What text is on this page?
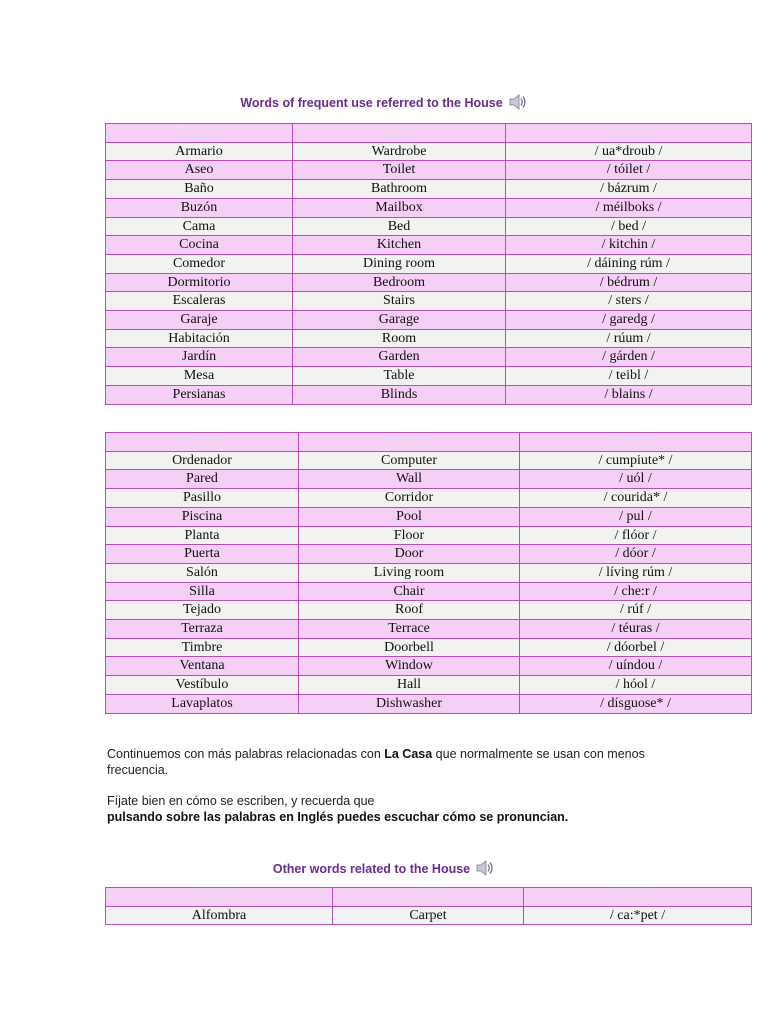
Words of frequent use referred to the House
Español	Inglés	Se lee
Armario	Wardrobe	/ ua*droub /
Aseo	Toilet	/ tóilet /
Baño	Bathroom	/ bázrum /
Buzón	Mailbox	/ méilboks /
Cama	Bed	/ bed /
Cocina	Kitchen	/ kitchin /
Comedor	Dining room	/ dáining rúm /
Dormitorio	Bedroom	/ bédrum /
Escaleras	Stairs	/ sters /
Garaje	Garage	/ garedg /
Habitación	Room	/ rúum /
Jardín	Garden	/ gárden /
Mesa	Table	/ teibl /
Persianas	Blinds	/ blains /
Español	Inglés	Se lee
Ordenador	Computer	/ cumpiute* /
Pared	Wall	/ uól /
Pasillo	Corridor	/ courida* /
Piscina	Pool	/ pul /
Planta	Floor	/ flóor /
Puerta	Door	/ dóor /
Salón	Living room	/ líving rúm /
Silla	Chair	/ che:r /
Tejado	Roof	/ rúf /
Terraza	Terrace	/ téuras /
Timbre	Doorbell	/ dóorbel /
Ventana	Window	/ uíndou /
Vestíbulo	Hall	/ hóol /
Lavaplatos	Dishwasher	/ dísguose* /
Continuemos con más palabras relacionadas con La Casa que normalmente se usan con menos frecuencia.
Fíjate bien en cómo se escriben, y recuerda que
pulsando sobre las palabras en Inglés puedes escuchar cómo se pronuncian.
Other words related to the House
Español	Inglés	Se lee
Alfombra	Carpet	/ ca:*pet /
